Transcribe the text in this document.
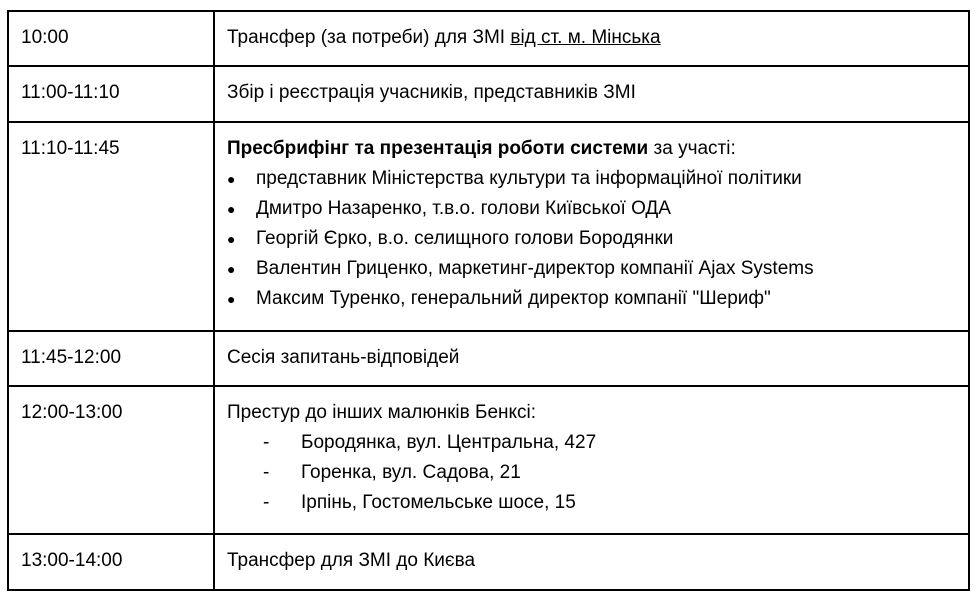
10:00	Трансфер (за потреби) для ЗМІ від ст. м. Мінська
11:00-11:10	Збір і реєстрація учасників, представників ЗМІ
11:10-11:45	Пресбрифінг та презентація роботи системи за участі:
● представник Міністерства культури та інформаційної політики
● Дмитро Назаренко, т.в.о. голови Київської ОДА
● Георгій Єрко, в.о. селищного голови Бородянки
● Валентин Гриценко, маркетинг-директор компанії Ajax Systems
● Максим Туренко, генеральний директор компанії "Шериф"

11:45-12:00	Сесія запитань-відповідей
12:00-13:00	Престур до інших малюнків Бенксі:
- Бородянка, вул. Центральна, 427
- Горенка, вул. Садова, 21
- Ірпінь, Гостомельське шосе, 15

13:00-14:00	Трансфер для ЗМІ до Києва
